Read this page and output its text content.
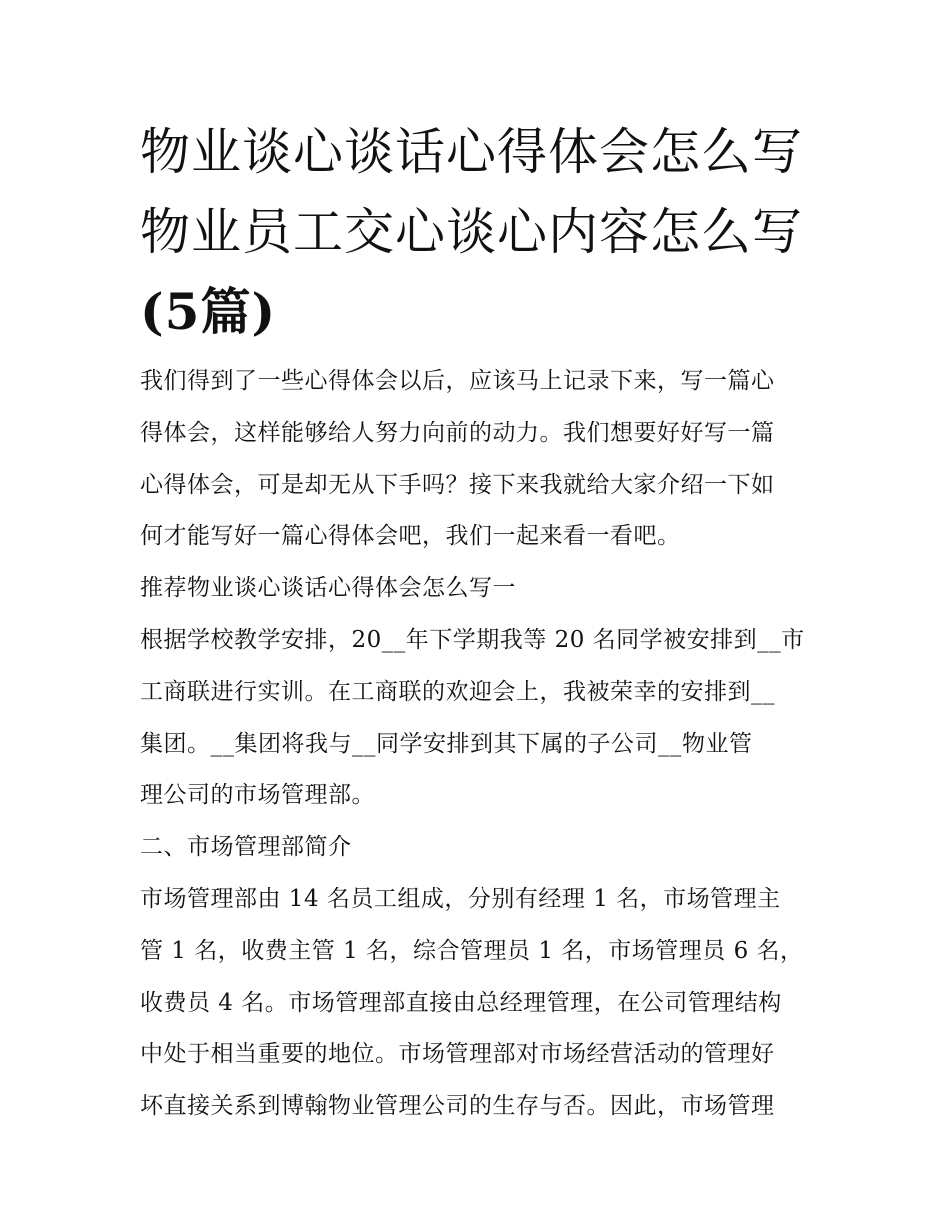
物业谈心谈话心得体会怎么写
物业员工交心谈心内容怎么写
(5篇)
我们得到了一些心得体会以后，应该马上记录下来，写一篇心
得体会，这样能够给人努力向前的动力。我们想要好好写一篇
心得体会，可是却无从下手吗？接下来我就给大家介绍一下如
何才能写好一篇心得体会吧，我们一起来看一看吧。
推荐物业谈心谈话心得体会怎么写一
根据学校教学安排，20__年下学期我等 20 名同学被安排到__市
工商联进行实训。在工商联的欢迎会上，我被荣幸的安排到__
集团。__集团将我与__同学安排到其下属的子公司__物业管
理公司的市场管理部。
二、市场管理部简介
市场管理部由 14 名员工组成，分别有经理 1 名，市场管理主
管 1 名，收费主管 1 名，综合管理员 1 名，市场管理员 6 名，
收费员 4 名。市场管理部直接由总经理管理，在公司管理结构
中处于相当重要的地位。市场管理部对市场经营活动的管理好
坏直接关系到博翰物业管理公司的生存与否。因此，市场管理
